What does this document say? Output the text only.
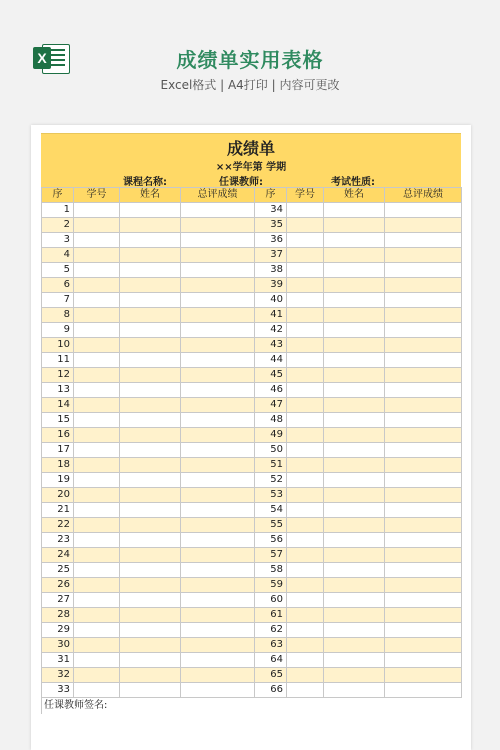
X	成绩单实用表格
Excel格式 | A4打印 | 内容可更改
成绩单
××学年第 学期
课程名称:	任课教师:	考试性质:
序	学号	姓名	总评成绩	序	学号	姓名	总评成绩
1				34			
2				35			
3				36			
4				37			
5				38			
6				39			
7				40			
8				41			
9				42			
10				43			
11				44			
12				45			
13				46			
14				47			
15				48			
16				49			
17				50			
18				51			
19				52			
20				53			
21				54			
22				55			
23				56			
24				57			
25				58			
26				59			
27				60			
28				61			
29				62			
30				63			
31				64			
32				65			
33				66			
任课教师签名:
